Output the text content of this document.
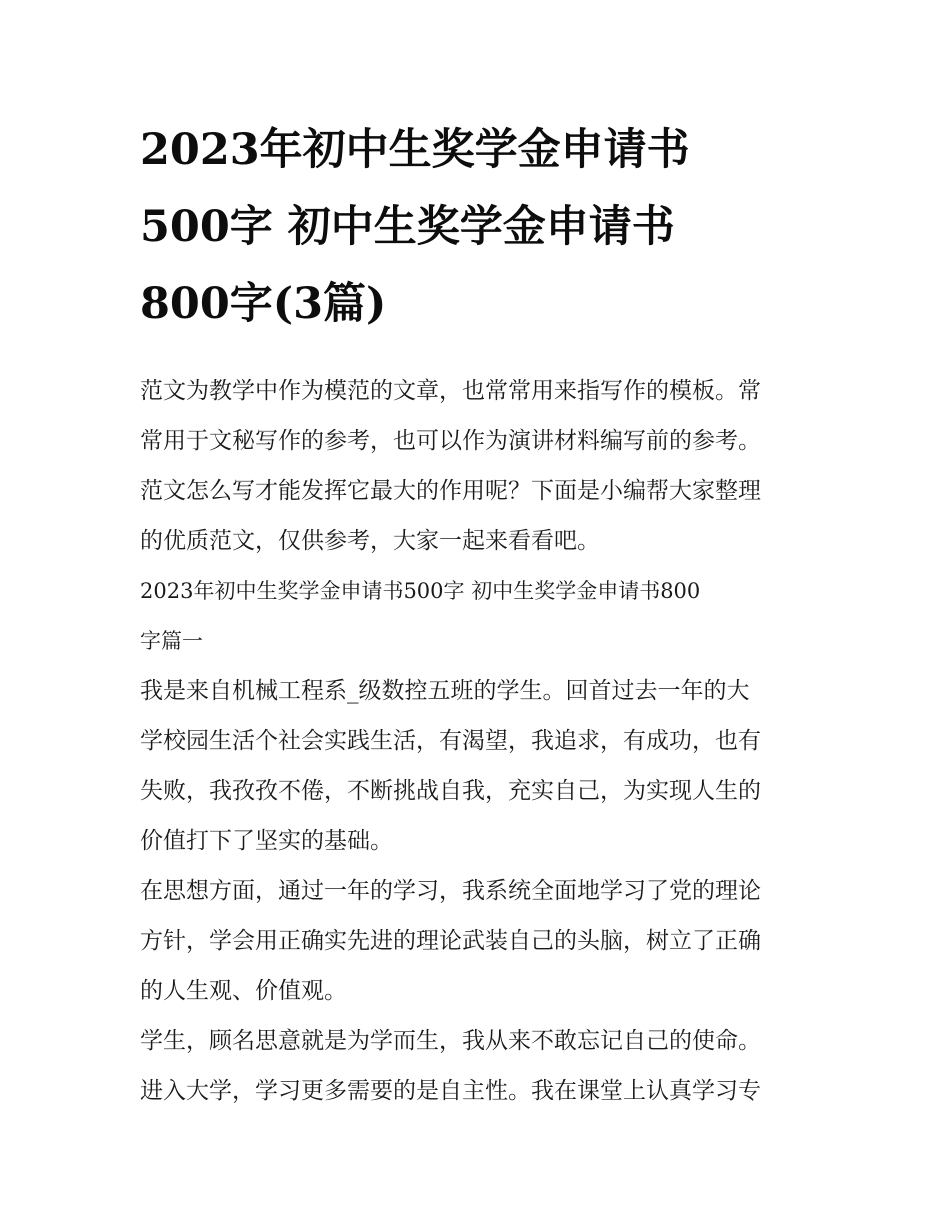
2023年初中生奖学金申请书
500字 初中生奖学金申请书
800字(3篇)

范文为教学中作为模范的文章，也常常用来指写作的模板。常
常用于文秘写作的参考，也可以作为演讲材料编写前的参考。
范文怎么写才能发挥它最大的作用呢？下面是小编帮大家整理
的优质范文，仅供参考，大家一起来看看吧。

2023年初中生奖学金申请书500字 初中生奖学金申请书800
字篇一

我是来自机械工程系_级数控五班的学生。回首过去一年的大
学校园生活个社会实践生活，有渴望，我追求，有成功，也有
失败，我孜孜不倦，不断挑战自我，充实自己，为实现人生的
价值打下了坚实的基础。

在思想方面，通过一年的学习，我系统全面地学习了党的理论
方针，学会用正确实先进的理论武装自己的头脑，树立了正确
的人生观、价值观。

学生，顾名思意就是为学而生，我从来不敢忘记自己的使命。
进入大学，学习更多需要的是自主性。我在课堂上认真学习专
